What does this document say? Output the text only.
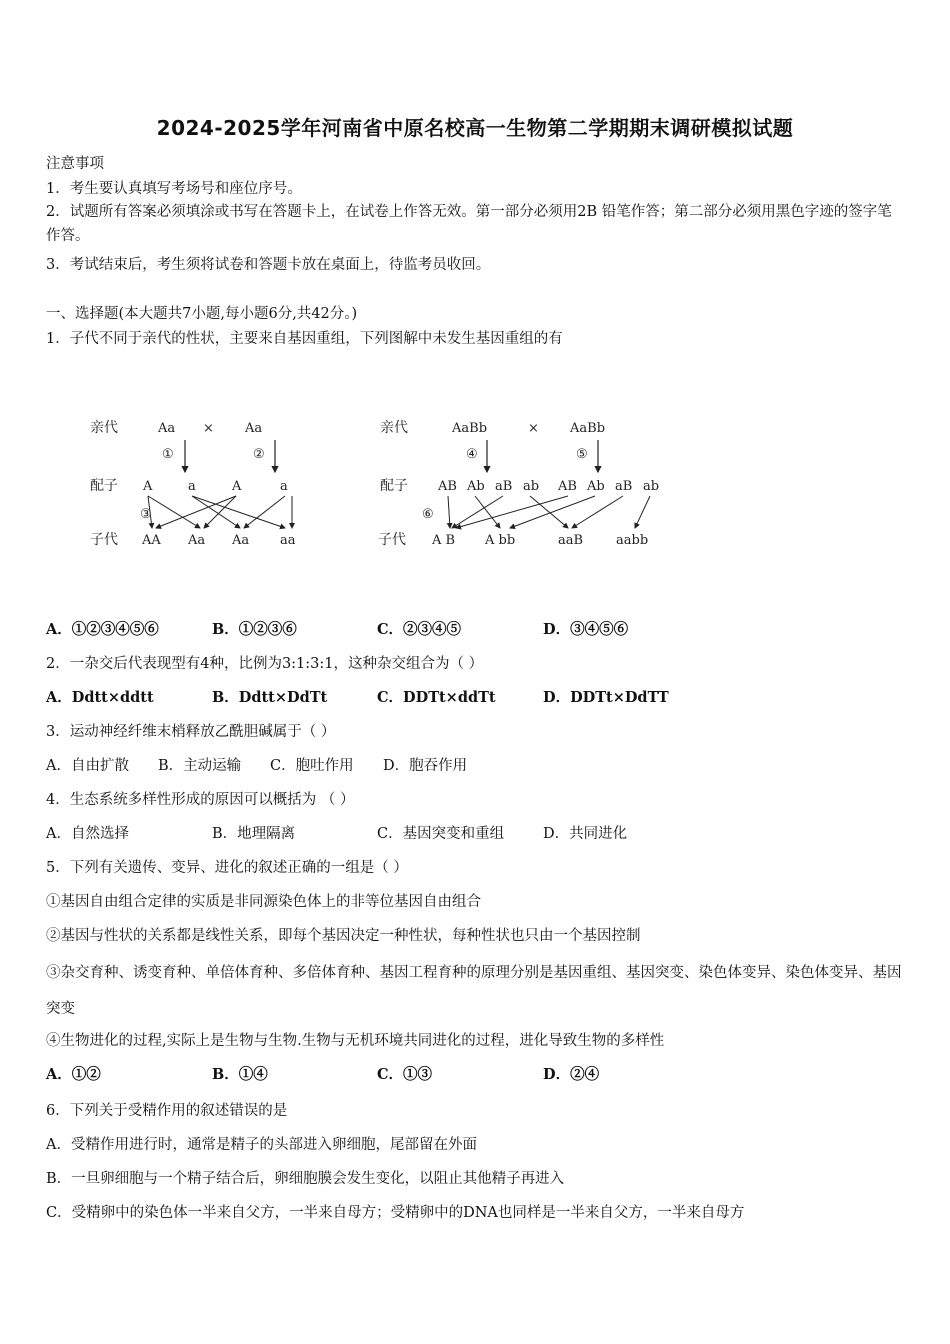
2024-2025学年河南省中原名校高一生物第二学期期末调研模拟试题
注意事项
1．考生要认真填写考场号和座位序号。
2．试题所有答案必须填涂或书写在答题卡上，在试卷上作答无效。第一部分必须用2B 铅笔作答；第二部分必须用黑色字迹的签字笔作答。
3．考试结束后，考生须将试卷和答题卡放在桌面上，待监考员收回。
一、选择题(本大题共7小题,每小题6分,共42分。)
1．子代不同于亲代的性状，主要来自基因重组，下列图解中未发生基因重组的有
亲代
配子
子代
Aa × Aa
①	②
③
A	a	A	a
AA Aa Aa aa
亲代
配子
子代
AaBb	× AaBb
④	⑤
⑥
AB Ab aB ab AB Ab aB ab
A B A bb	aaB	aabb
A．①②③④⑤⑥	B．①②③⑥	C．②③④⑤	D．③④⑤⑥
2．一杂交后代表现型有4种，比例为3:1:3:1，这种杂交组合为（ ）
A．Ddtt×ddtt	B．Ddtt×DdTt	C．DDTt×ddTt	D．DDTt×DdTT
3．运动神经纤维末梢释放乙酰胆碱属于（ ）
A．自由扩散 B．主动运输 C．胞吐作用 D．胞吞作用
4．生态系统多样性形成的原因可以概括为 （ ）
A．自然选择	B．地理隔离	C．基因突变和重组	D．共同进化
5．下列有关遗传、变异、进化的叙述正确的一组是（ ）
①基因自由组合定律的实质是非同源染色体上的非等位基因自由组合
②基因与性状的关系都是线性关系，即每个基因决定一种性状，每种性状也只由一个基因控制
③杂交育种、诱变育种、单倍体育种、多倍体育种、基因工程育种的原理分别是基因重组、基因突变、染色体变异、染色体变异、基因突变
④生物进化的过程,实际上是生物与生物.生物与无机环境共同进化的过程，进化导致生物的多样性
A．①②	B．①④	C．①③	D．②④
6．下列关于受精作用的叙述错误的是
A．受精作用进行时，通常是精子的头部进入卵细胞，尾部留在外面
B．一旦卵细胞与一个精子结合后，卵细胞膜会发生变化，以阻止其他精子再进入
C．受精卵中的染色体一半来自父方，一半来自母方；受精卵中的DNA也同样是一半来自父方，一半来自母方
